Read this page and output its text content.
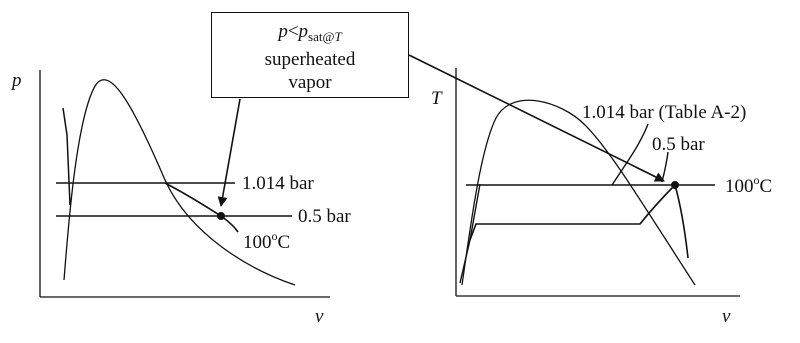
p
v
1.014 bar
0.5 bar
100$^o$C
T
v
1.014 bar (Table A-2)
0.5 bar
100$^o$C
$p<p_{sat@T}$
superheated
vapor
